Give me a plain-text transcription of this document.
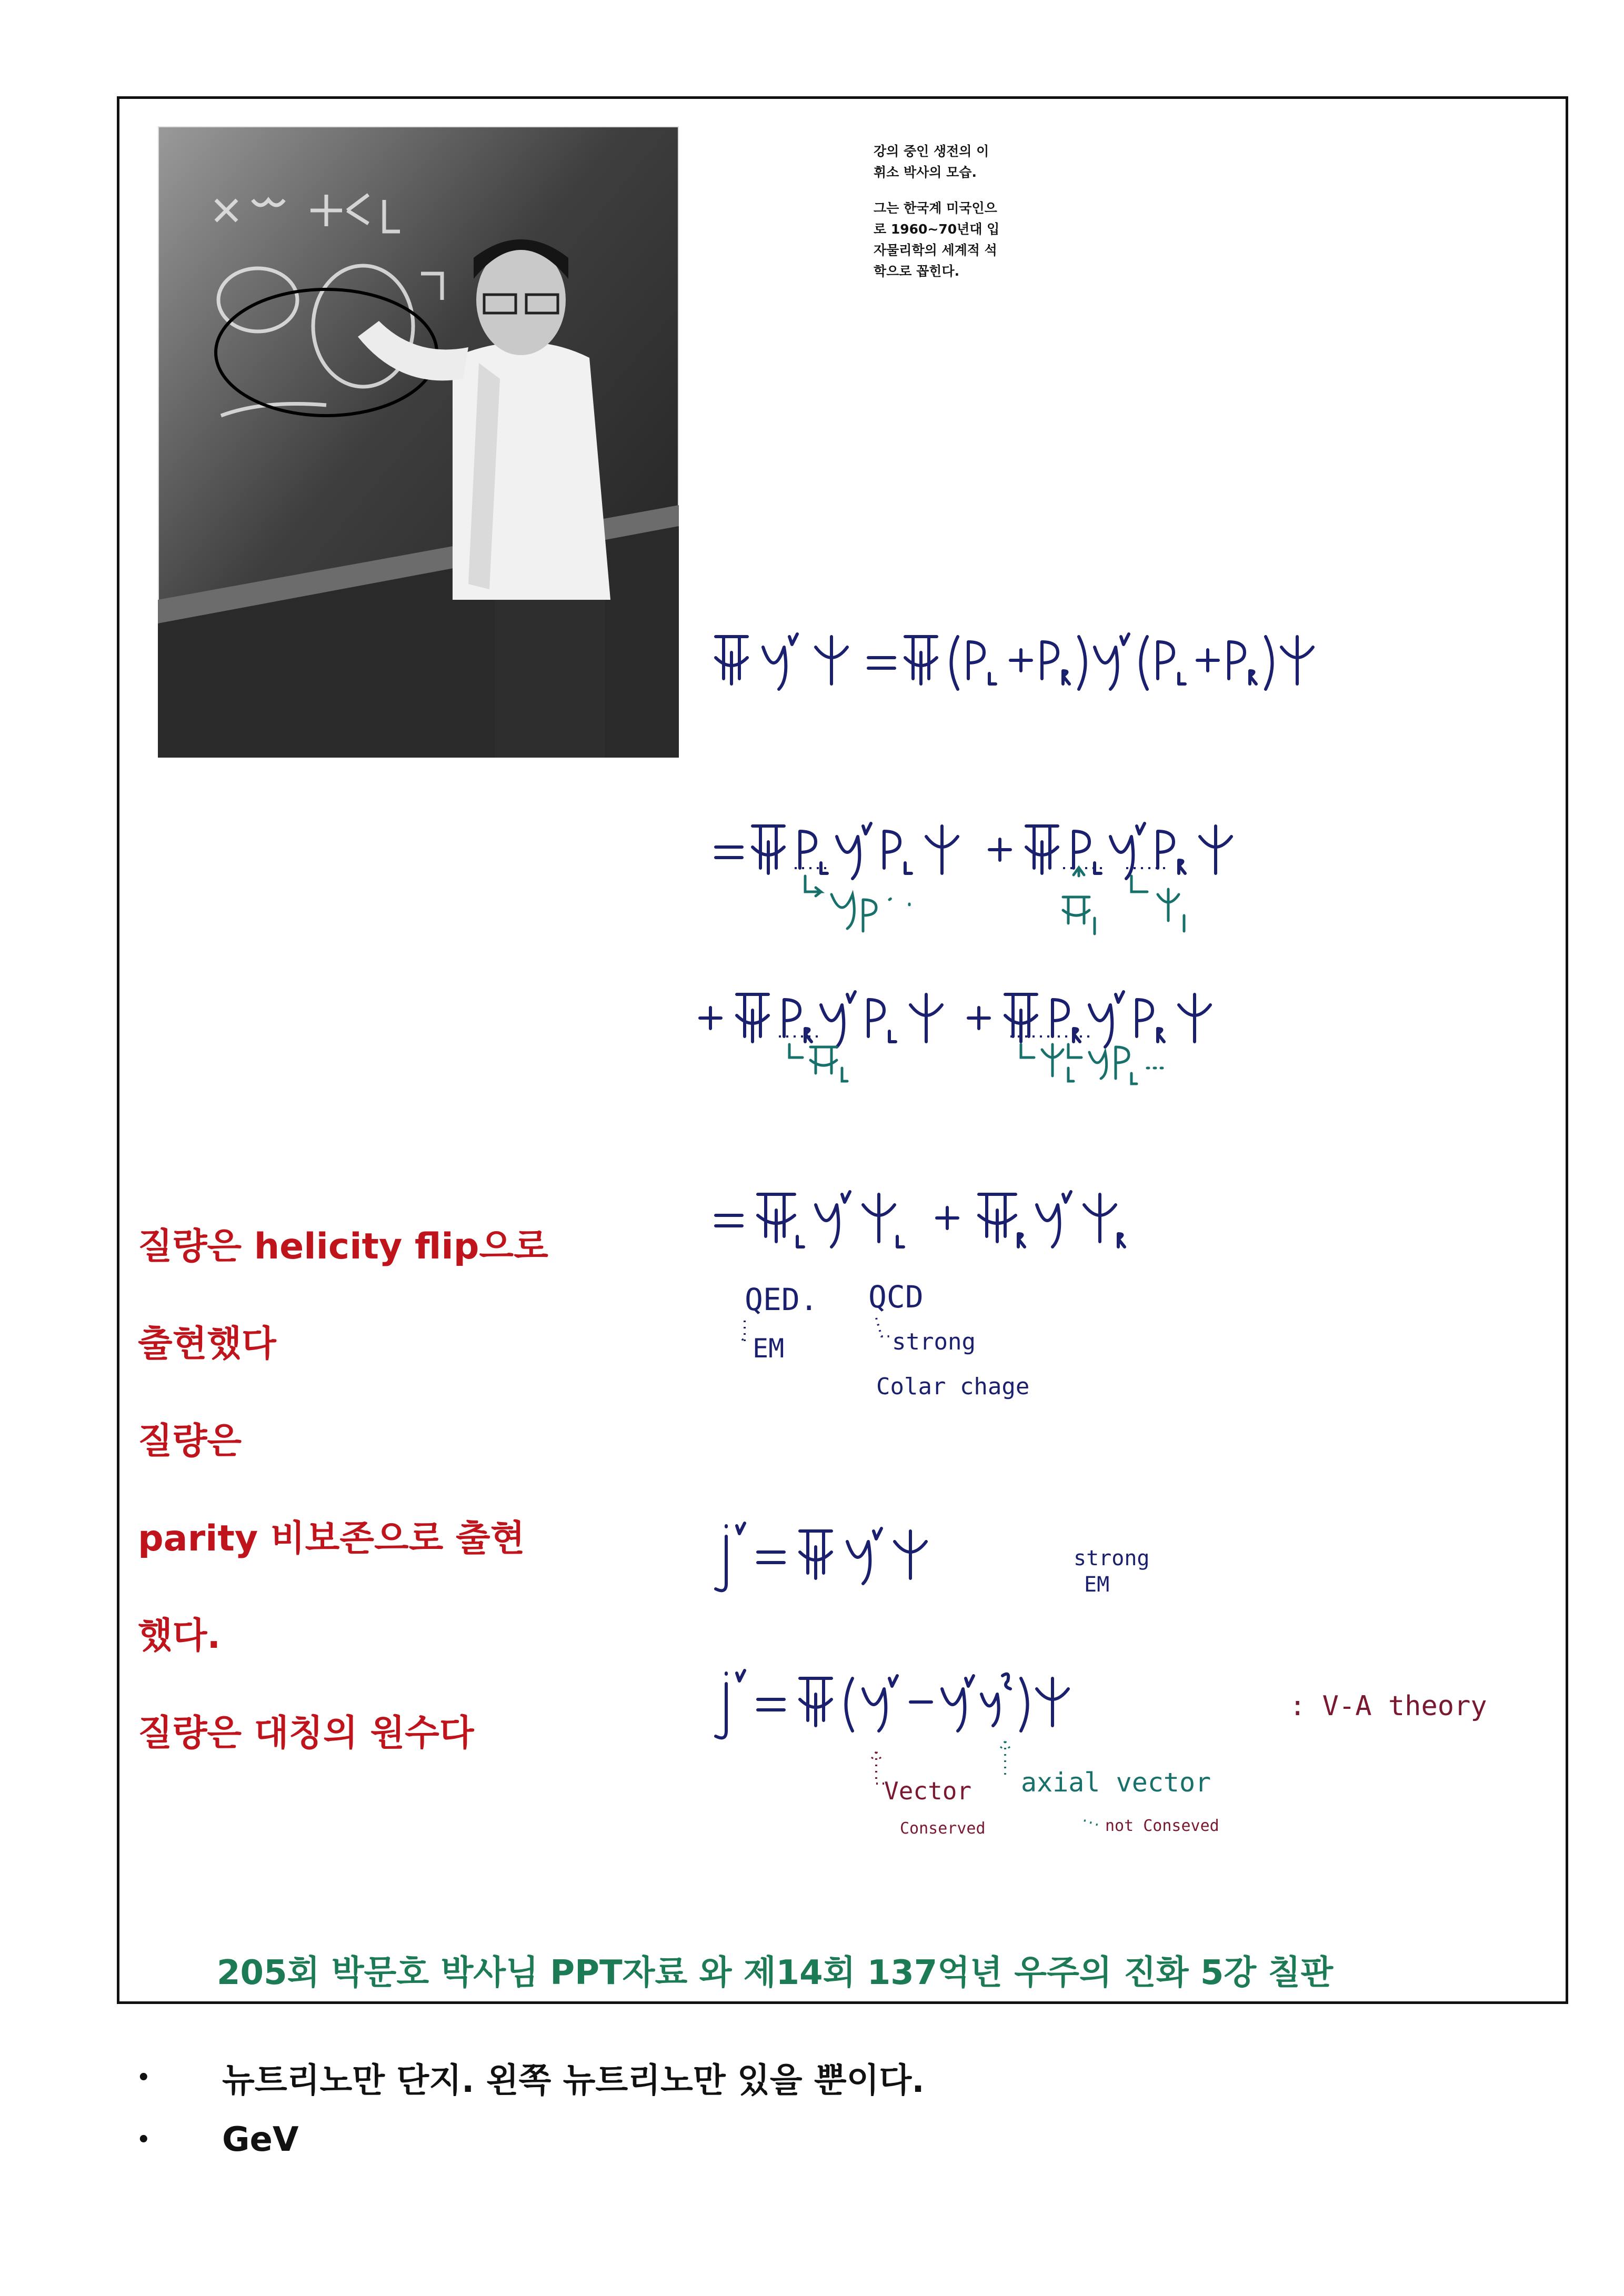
강의 중인 생전의 이
휘소 박사의 모습.

그는 한국계 미국인으
로 1960~70년대 입
자물리학의 세계적 석
학으로 꼽힌다.

질량은 helicity flip으로
출현했다
질량은
parity 비보존으로 출현
했다.
질량은 대칭의 원수다
QED. QCD
EM	strong
Colar chage
strong
EM
: V-A theory
Vector
Conserved
axial vector
not Conseved
205회 박문호 박사님 PPT자료 와 제14회 137억년 우주의 진화 5강 칠판
• 뉴트리노만 단지. 왼쪽 뉴트리노만 있을 뿐이다.
• GeV
